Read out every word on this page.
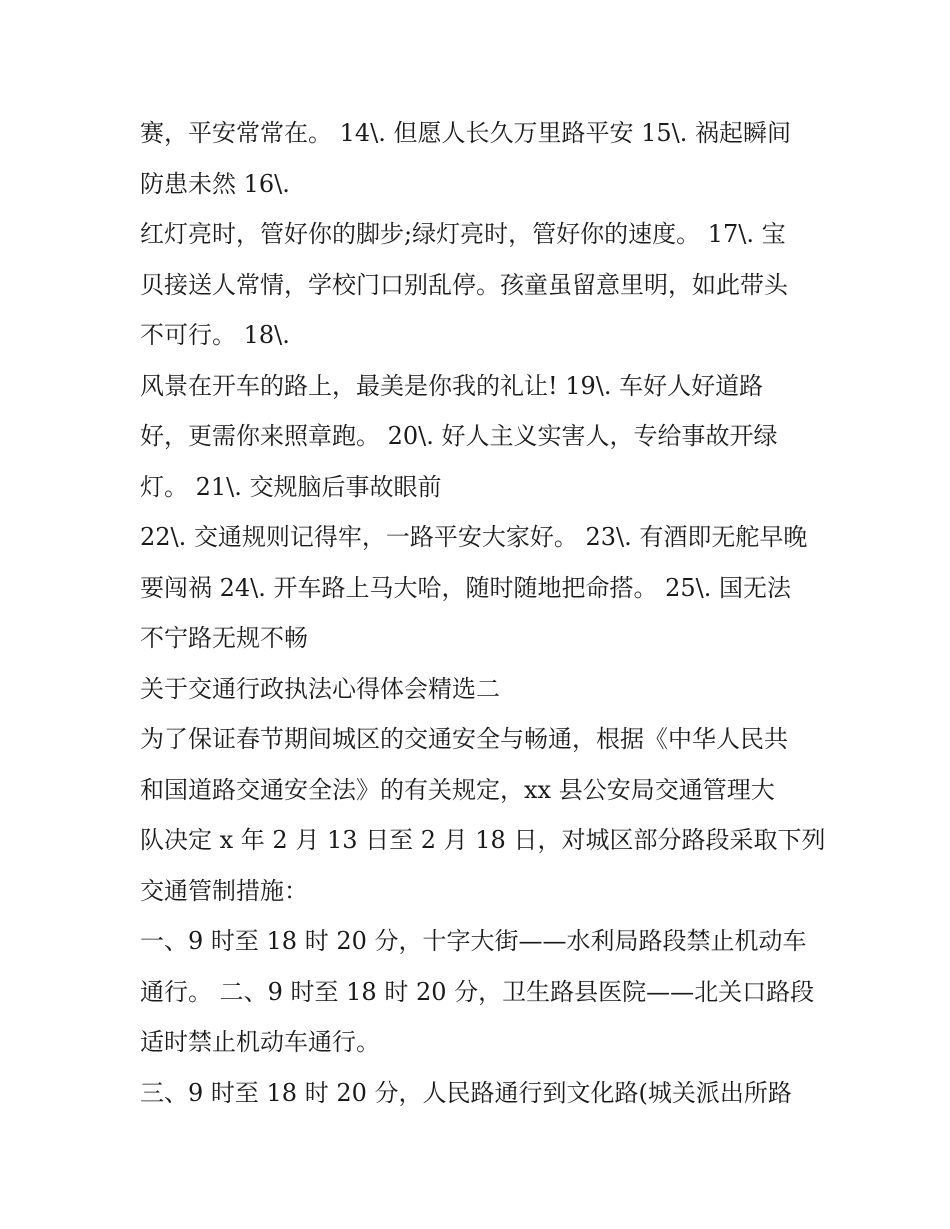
赛，平安常常在。 14\. 但愿人长久万里路平安 15\. 祸起瞬间
防患未然 16\.
红灯亮时，管好你的脚步;绿灯亮时，管好你的速度。 17\. 宝
贝接送人常情，学校门口别乱停。孩童虽留意里明，如此带头
不可行。 18\.
风景在开车的路上，最美是你我的礼让! 19\. 车好人好道路
好，更需你来照章跑。 20\. 好人主义实害人，专给事故开绿
灯。 21\. 交规脑后事故眼前
22\. 交通规则记得牢，一路平安大家好。 23\. 有酒即无舵早晚
要闯祸 24\. 开车路上马大哈，随时随地把命搭。 25\. 国无法
不宁路无规不畅
关于交通行政执法心得体会精选二
为了保证春节期间城区的交通安全与畅通，根据《中华人民共
和国道路交通安全法》的有关规定，xx 县公安局交通管理大
队决定 x 年 2 月 13 日至 2 月 18 日，对城区部分路段采取下列
交通管制措施：
一、9 时至 18 时 20 分，十字大街——水利局路段禁止机动车
通行。 二、9 时至 18 时 20 分，卫生路县医院——北关口路段
适时禁止机动车通行。
三、9 时至 18 时 20 分，人民路通行到文化路(城关派出所路
